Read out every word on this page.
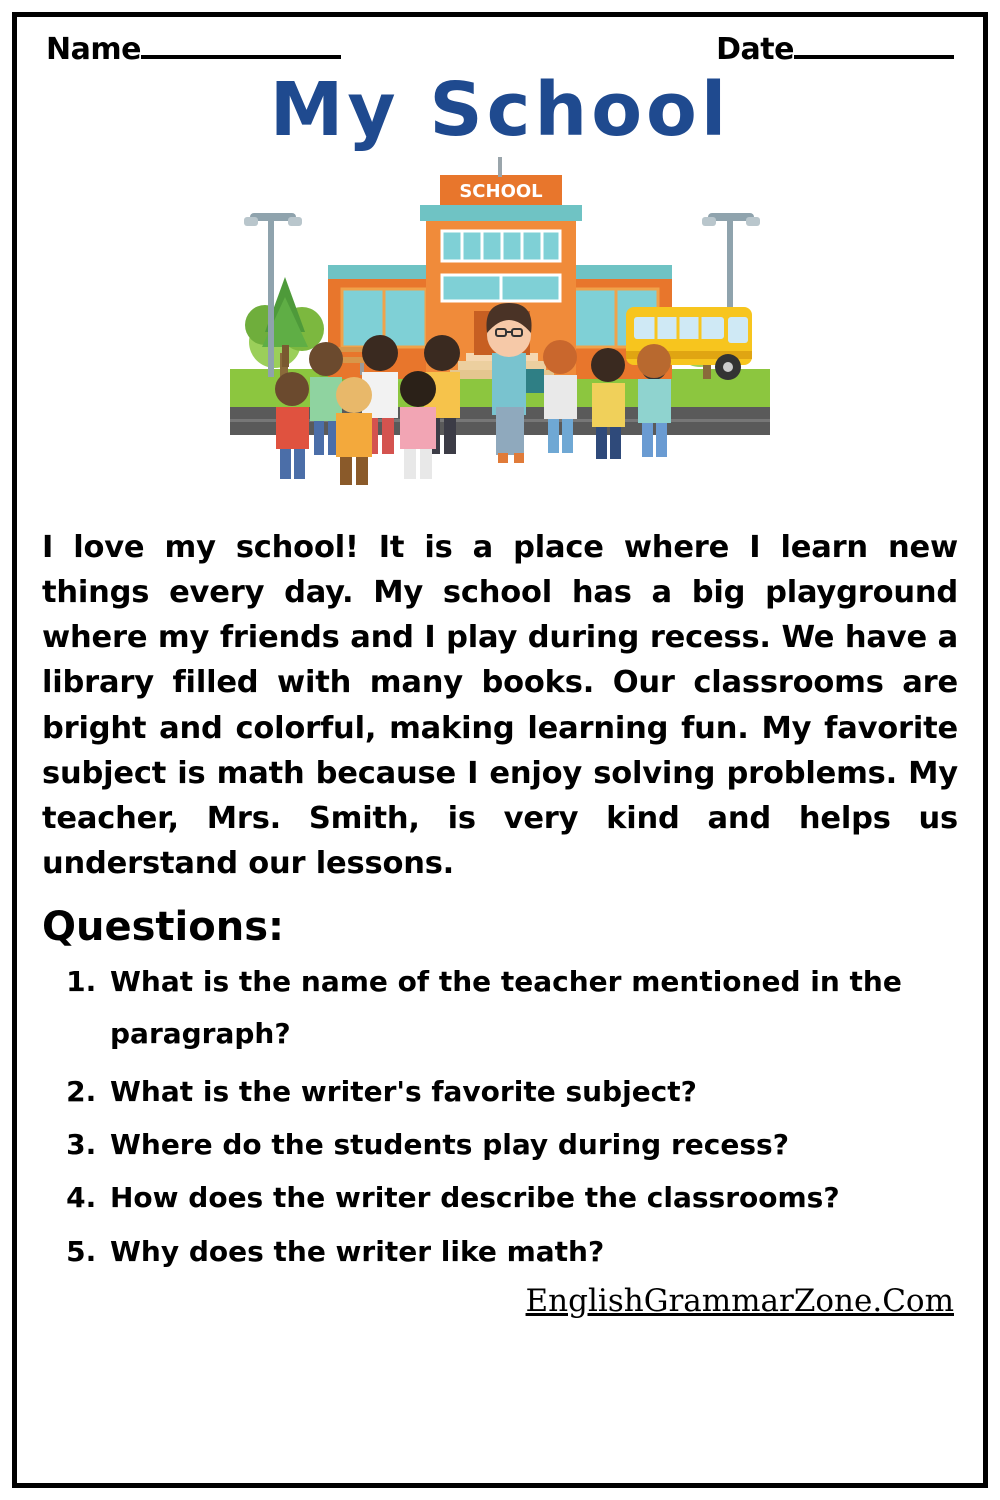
Name	Date
My School
SCHOOL

I love my school! It is a place where I learn new things every day. My school has a big playground where my friends and I play during recess. We have a library filled with many books. Our classrooms are bright and colorful, making learning fun. My favorite subject is math because I enjoy solving problems. My teacher, Mrs. Smith, is very kind and helps us understand our lessons.

Questions:
1. What is the name of the teacher mentioned in the paragraph?
2. What is the writer's favorite subject?
3. Where do the students play during recess?
4. How does the writer describe the classrooms?
5. Why does the writer like math?
EnglishGrammarZone.Com
